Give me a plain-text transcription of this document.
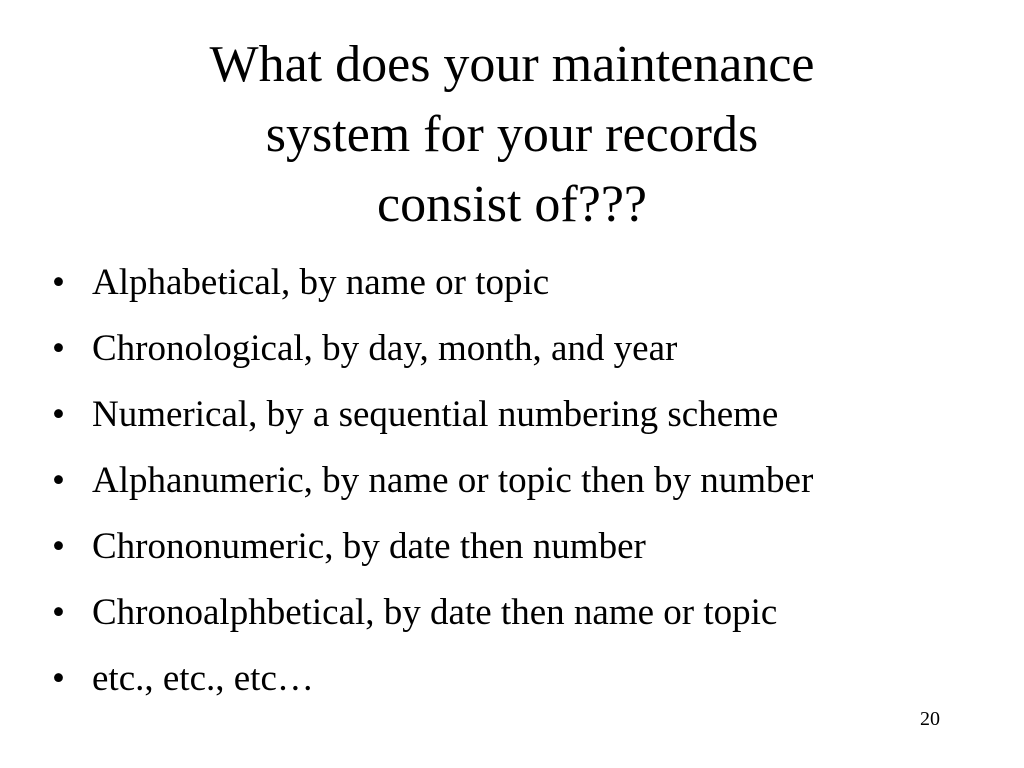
What does your maintenance
system for your records
consist of???
• Alphabetical, by name or topic
• Chronological, by day, month, and year
• Numerical, by a sequential numbering scheme
• Alphanumeric, by name or topic then by number
• Chrononumeric, by date then number
• Chronoalphbetical, by date then name or topic
• etc., etc., etc…
20
